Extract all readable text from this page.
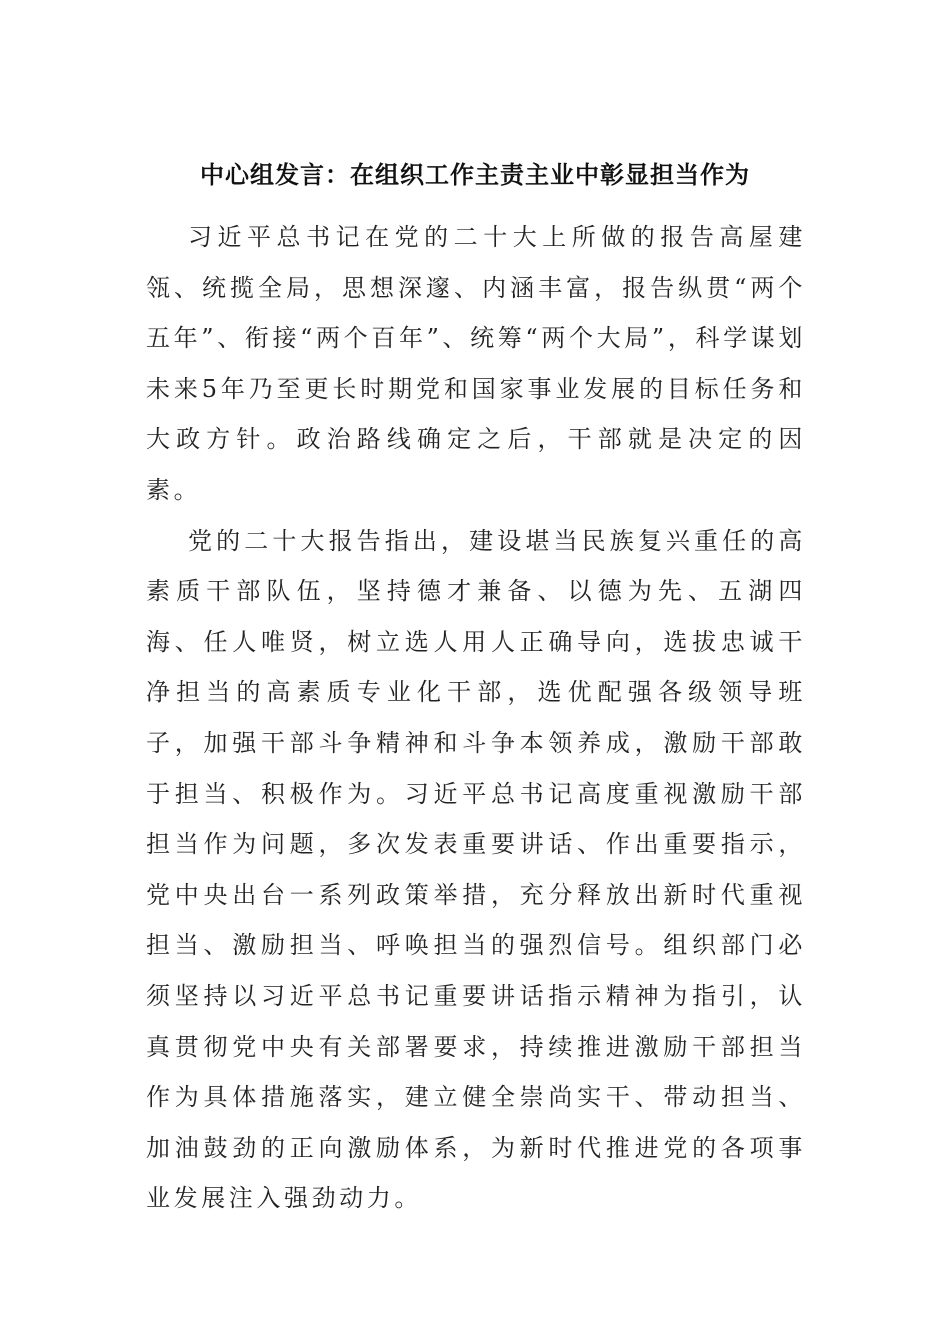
中心组发言：在组织工作主责主业中彰显担当作为

习近平总书记在党的二十大上所做的报告高屋建瓴、统揽全局，思想深邃、内涵丰富，报告纵贯“两个五年”、衔接“两个百年”、统筹“两个大局”，科学谋划未来5年乃至更长时期党和国家事业发展的目标任务和大政方针。政治路线确定之后，干部就是决定的因素。

党的二十大报告指出，建设堪当民族复兴重任的高素质干部队伍，坚持德才兼备、以德为先、五湖四海、任人唯贤，树立选人用人正确导向，选拔忠诚干净担当的高素质专业化干部，选优配强各级领导班子，加强干部斗争精神和斗争本领养成，激励干部敢于担当、积极作为。习近平总书记高度重视激励干部担当作为问题，多次发表重要讲话、作出重要指示，党中央出台一系列政策举措，充分释放出新时代重视担当、激励担当、呼唤担当的强烈信号。组织部门必须坚持以习近平总书记重要讲话指示精神为指引，认真贯彻党中央有关部署要求，持续推进激励干部担当作为具体措施落实，建立健全崇尚实干、带动担当、加油鼓劲的正向激励体系，为新时代推进党的各项事业发展注入强劲动力。
